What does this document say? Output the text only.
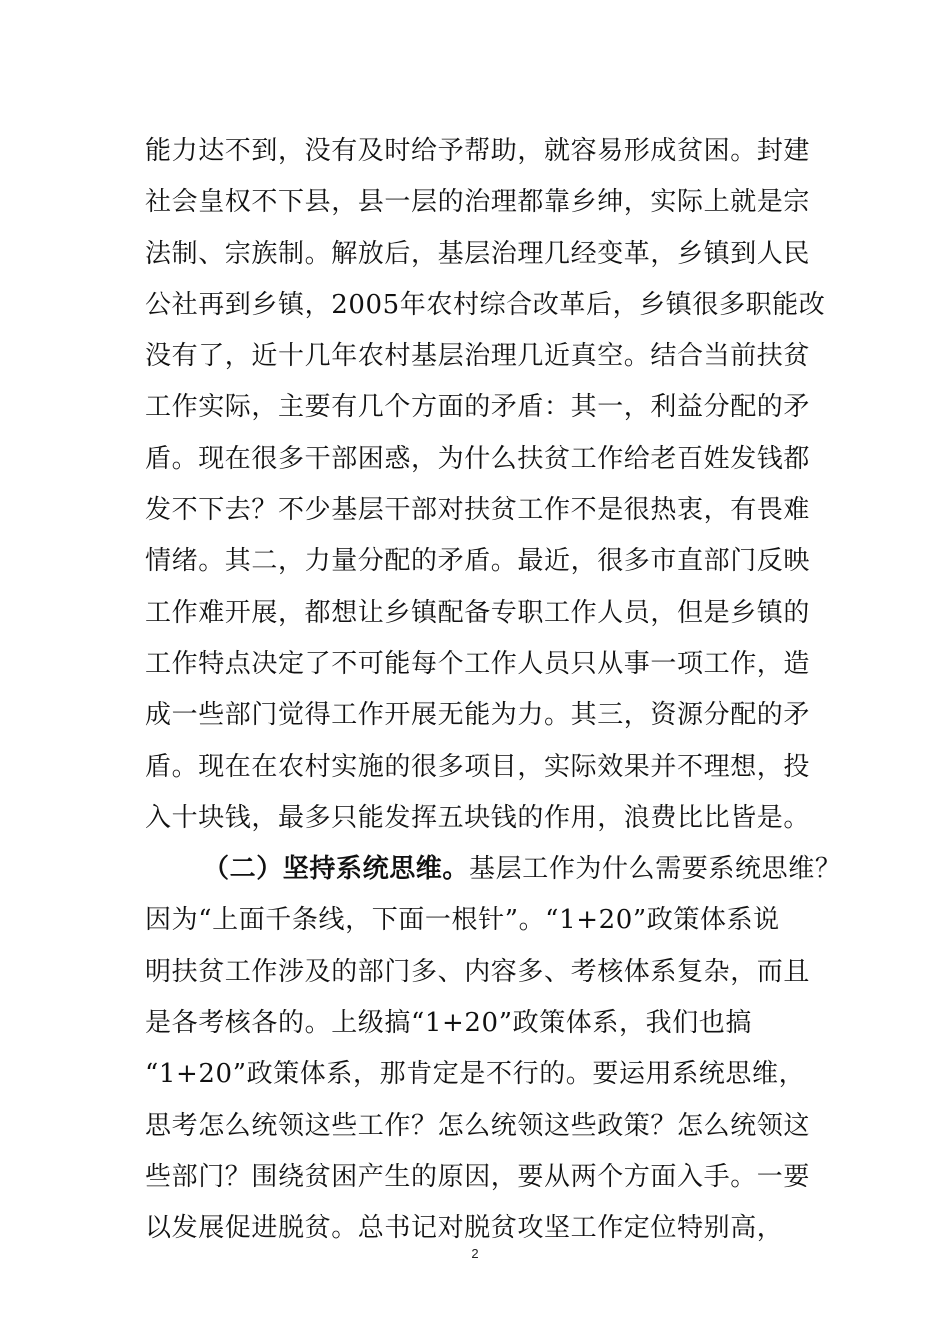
能力达不到，没有及时给予帮助，就容易形成贫困。封建
社会皇权不下县，县一层的治理都靠乡绅，实际上就是宗
法制、宗族制。解放后，基层治理几经变革，乡镇到人民
公社再到乡镇，2005年农村综合改革后，乡镇很多职能改
没有了，近十几年农村基层治理几近真空。结合当前扶贫
工作实际，主要有几个方面的矛盾：其一，利益分配的矛
盾。现在很多干部困惑，为什么扶贫工作给老百姓发钱都
发不下去？不少基层干部对扶贫工作不是很热衷，有畏难
情绪。其二，力量分配的矛盾。最近，很多市直部门反映
工作难开展，都想让乡镇配备专职工作人员，但是乡镇的
工作特点决定了不可能每个工作人员只从事一项工作，造
成一些部门觉得工作开展无能为力。其三，资源分配的矛
盾。现在在农村实施的很多项目，实际效果并不理想，投
入十块钱，最多只能发挥五块钱的作用，浪费比比皆是。
（二）坚持系统思维。基层工作为什么需要系统思维？
因为“上面千条线，下面一根针”。“1+20”政策体系说
明扶贫工作涉及的部门多、内容多、考核体系复杂，而且
是各考核各的。上级搞“1+20”政策体系，我们也搞
“1+20”政策体系，那肯定是不行的。要运用系统思维，
思考怎么统领这些工作？怎么统领这些政策？怎么统领这
些部门？围绕贫困产生的原因，要从两个方面入手。一要
以发展促进脱贫。总书记对脱贫攻坚工作定位特别高，
2
